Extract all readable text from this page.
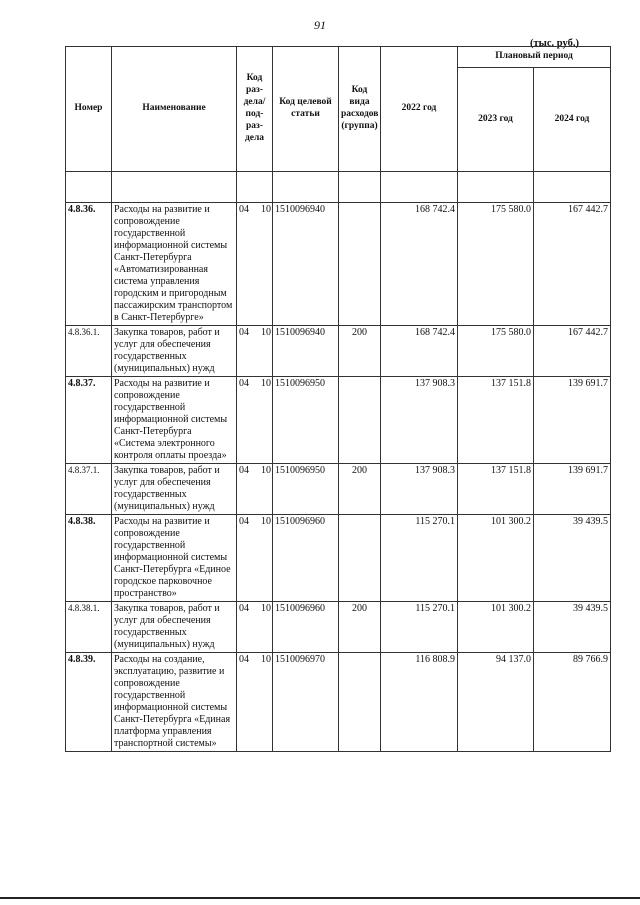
91
(тыс. руб.)
Номер	Наименование	Код раз- дела/ под- раз- дела	Код целевой статьи	Код вида расходов (группа)	2022 год	Плановый период	
						2023 год	2024 год

4.8.36.	Расходы на развитие и сопровождение государственной информационной системы Санкт-Петербурга «Автоматизированная система управления городским и пригородным пассажирским транспортом в Санкт-Петербурге»	04 10	1510096940		168 742.4	175 580.0	167 442.7
4.8.36.1.	Закупка товаров, работ и услуг для обеспечения государственных (муниципальных) нужд	04 10	1510096940	200	168 742.4	175 580.0	167 442.7
4.8.37.	Расходы на развитие и сопровождение государственной информационной системы Санкт-Петербурга «Система электронного контроля оплаты проезда»	04 10	1510096950		137 908.3	137 151.8	139 691.7
4.8.37.1.	Закупка товаров, работ и услуг для обеспечения государственных (муниципальных) нужд	04 10	1510096950	200	137 908.3	137 151.8	139 691.7
4.8.38.	Расходы на развитие и сопровождение государственной информационной системы Санкт-Петербурга «Единое городское парковочное пространство»	04 10	1510096960		115 270.1	101 300.2	39 439.5
4.8.38.1.	Закупка товаров, работ и услуг для обеспечения государственных (муниципальных) нужд	04 10	1510096960	200	115 270.1	101 300.2	39 439.5
4.8.39.	Расходы на создание, эксплуатацию, развитие и сопровождение государственной информационной системы Санкт-Петербурга «Единая платформа управления транспортной системы»	04 10	1510096970		116 808.9	94 137.0	89 766.9
